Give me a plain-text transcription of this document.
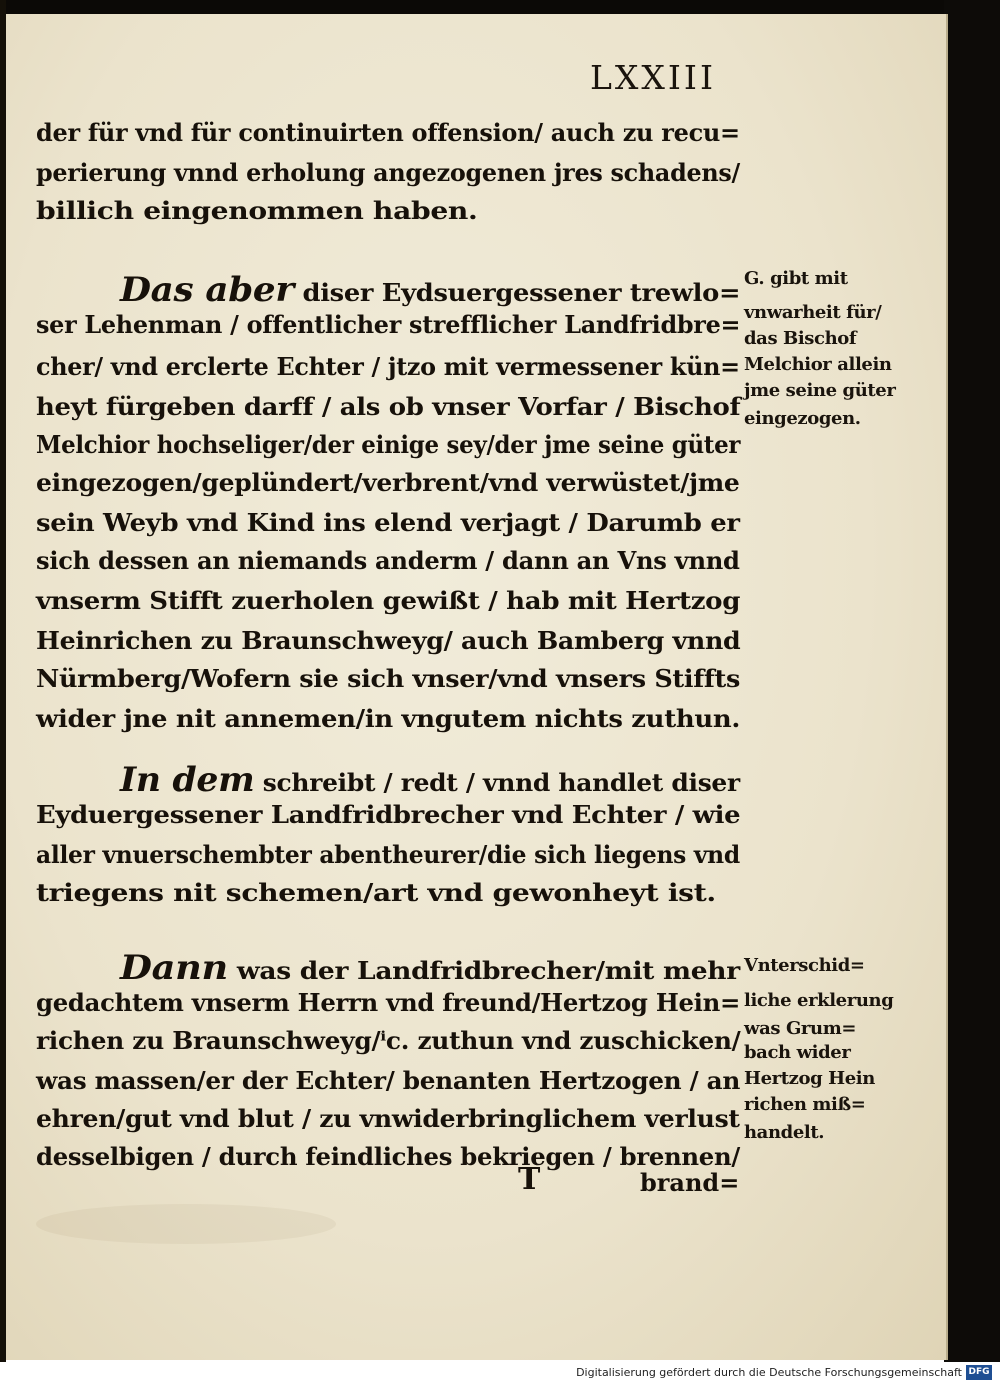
LXXIII
der für vnd für continuirten offension/ auch zu recu=
perierung vnnd erholung angezogenen jres schadens/
billich eingenommen haben.
Das aber diser Eydsuergessener trewlo=
ser Lehenman / offentlicher strefflicher Landfridbre=
cher/ vnd erclerte Echter / jtzo mit vermessener kün=
heyt fürgeben darff / als ob vnser Vorfar / Bischof
Melchior hochseliger/der einige sey/der jme seine güter
eingezogen/geplündert/verbrent/vnd verwüstet/jme
sein Weyb vnd Kind ins elend verjagt / Darumb er
sich dessen an niemands anderm / dann an Vns vnnd
vnserm Stifft zuerholen gewißt / hab mit Hertzog
Heinrichen zu Braunschweyg/ auch Bamberg vnnd
Nürmberg/Wofern sie sich vnser/vnd vnsers Stiffts
wider jne nit annemen/in vngutem nichts zuthun.
In dem schreibt / redt / vnnd handlet diser
Eyduergessener Landfridbrecher vnd Echter / wie
aller vnuerschembter abentheurer/die sich liegens vnd
triegens nit schemen/art vnd gewonheyt ist.
Dann was der Landfridbrecher/mit mehr
gedachtem vnserm Herrn vnd freund/Hertzog Hein=
richen zu Braunschweyg/ⁱc. zuthun vnd zuschicken/
was massen/er der Echter/ benanten Hertzogen / an
ehren/gut vnd blut / zu vnwiderbringlichem verlust
desselbigen / durch feindliches bekriegen / brennen/
G. gibt mit
vnwarheit für/
das Bischof
Melchior allein
jme seine güter
eingezogen.
Vnterschid=
liche erklerung
was Grum=
bach wider
Hertzog Hein
richen miß=
handelt.
T	brand=
Digitalisierung gefördert durch die Deutsche Forschungsgemeinschaft DFG
